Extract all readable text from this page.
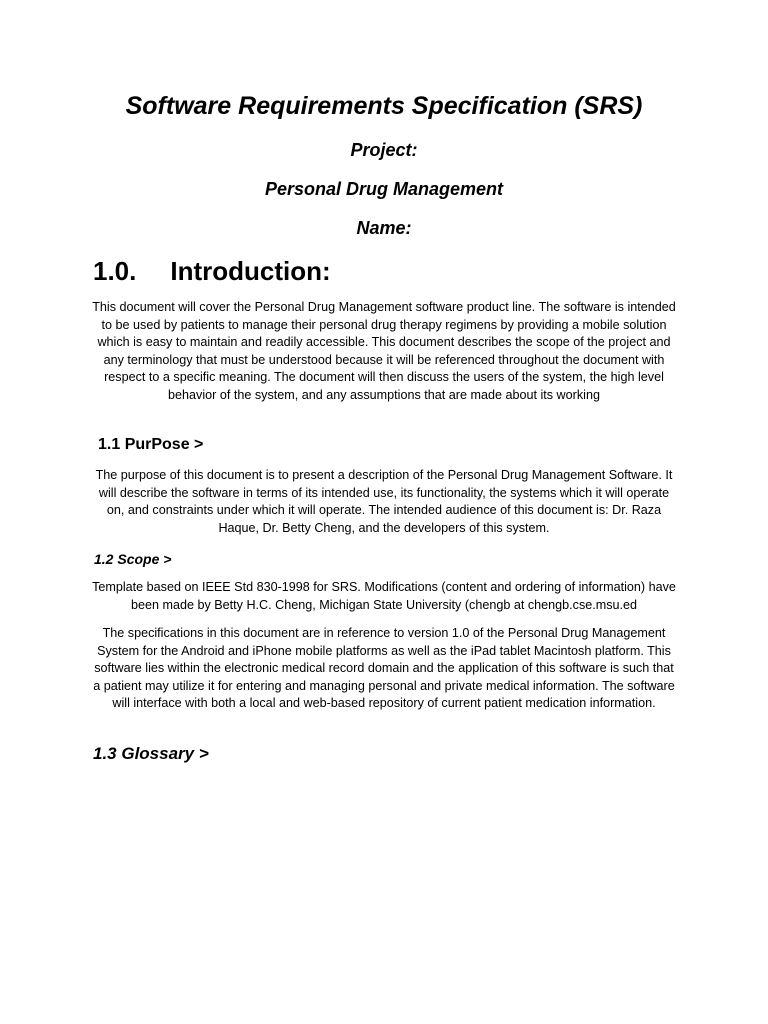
Software Requirements Specification (SRS)

Project:

Personal Drug Management

Name:

1.0. Introduction:

This document will cover the Personal Drug Management software product line. The software is intended to be used by patients to manage their personal drug therapy regimens by providing a mobile solution which is easy to maintain and readily accessible. This document describes the scope of the project and any terminology that must be understood because it will be referenced throughout the document with respect to a specific meaning. The document will then discuss the users of the system, the high level behavior of the system, and any assumptions that are made about its working

1.1 PurPose >

The purpose of this document is to present a description of the Personal Drug Management Software. It will describe the software in terms of its intended use, its functionality, the systems which it will operate on, and constraints under which it will operate. The intended audience of this document is: Dr. Raza Haque, Dr. Betty Cheng, and the developers of this system.

1.2 Scope >

Template based on IEEE Std 830-1998 for SRS. Modifications (content and ordering of information) have been made by Betty H.C. Cheng, Michigan State University (chengb at chengb.cse.msu.ed

The specifications in this document are in reference to version 1.0 of the Personal Drug Management System for the Android and iPhone mobile platforms as well as the iPad tablet Macintosh platform. This software lies within the electronic medical record domain and the application of this software is such that a patient may utilize it for entering and managing personal and private medical information. The software will interface with both a local and web-based repository of current patient medication information.

1.3 Glossary >
